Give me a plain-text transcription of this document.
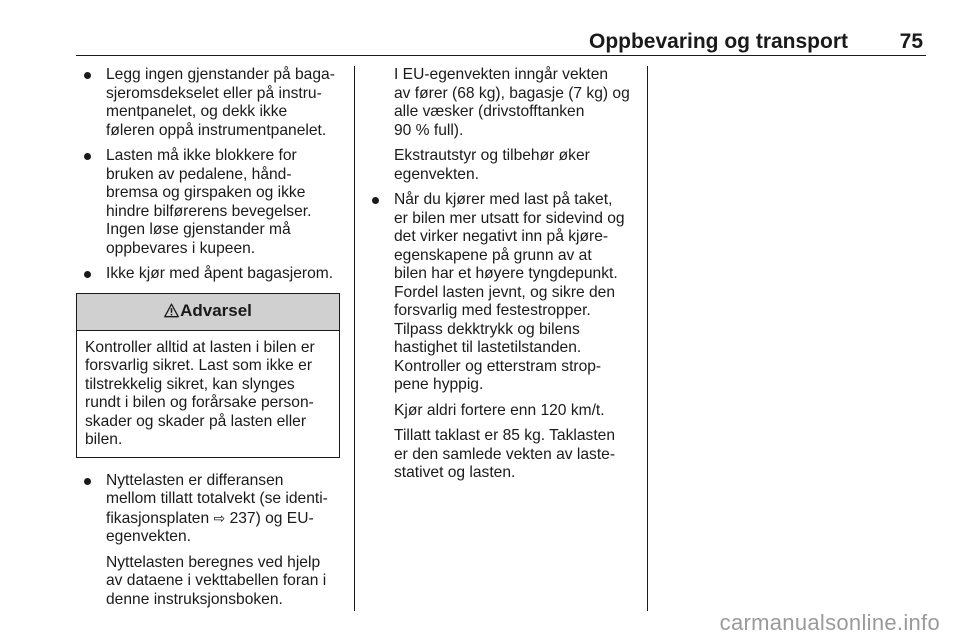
Oppbevaring og transport 75
Legg ingen gjenstander på baga-
sjeromsdekselet eller på instru-
mentpanelet, og dekk ikke
føleren oppå instrumentpanelet.
Lasten må ikke blokkere for
bruken av pedalene, hånd-
bremsa og girspaken og ikke
hindre bilførerens bevegelser.
Ingen løse gjenstander må
oppbevares i kupeen.
Ikke kjør med åpent bagasjerom.
Advarsel
Kontroller alltid at lasten i bilen er
forsvarlig sikret. Last som ikke er
tilstrekkelig sikret, kan slynges
rundt i bilen og forårsake person-
skader og skader på lasten eller
bilen.
Nyttelasten er differansen
mellom tillatt totalvekt (se identi-
fikasjonsplaten ⇨ 237) og EU-
egenvekten.
Nyttelasten beregnes ved hjelp
av dataene i vekttabellen foran i
denne instruksjonsboken.
I EU-egenvekten inngår vekten
av fører (68 kg), bagasje (7 kg) og
alle væsker (drivstofftanken
90 % full).
Ekstrautstyr og tilbehør øker
egenvekten.
Når du kjører med last på taket,
er bilen mer utsatt for sidevind og
det virker negativt inn på kjøre-
egenskapene på grunn av at
bilen har et høyere tyngdepunkt.
Fordel lasten jevnt, og sikre den
forsvarlig med festestropper.
Tilpass dekktrykk og bilens
hastighet til lastetilstanden.
Kontroller og etterstram strop-
pene hyppig.
Kjør aldri fortere enn 120 km/t.
Tillatt taklast er 85 kg. Taklasten
er den samlede vekten av laste-
stativet og lasten.
carmanualsonline.info
